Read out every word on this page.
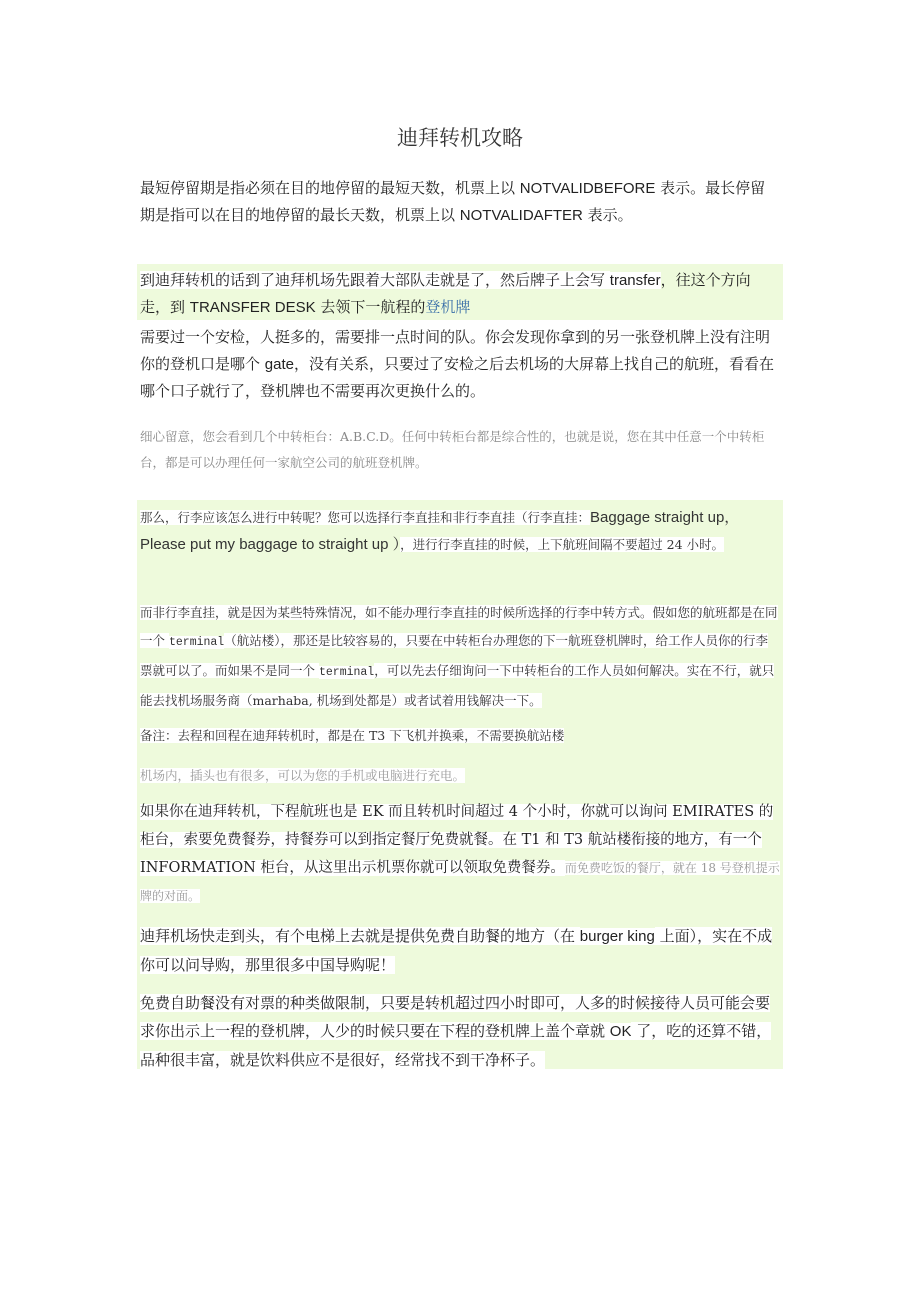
迪拜转机攻略
最短停留期是指必须在目的地停留的最短天数，机票上以 NOTVALIDBEFORE 表示。最长停留期是指可以在目的地停留的最长天数，机票上以 NOTVALIDAFTER 表示。
到迪拜转机的话到了迪拜机场先跟着大部队走就是了，然后牌子上会写 transfer，往这个方向走，到 TRANSFER DESK 去领下一航程的登机牌
需要过一个安检，人挺多的，需要排一点时间的队。你会发现你拿到的另一张登机牌上没有注明你的登机口是哪个 gate，没有关系，只要过了安检之后去机场的大屏幕上找自己的航班，看看在哪个口子就行了，登机牌也不需要再次更换什么的。
细心留意，您会看到几个中转柜台：A.B.C.D。任何中转柜台都是综合性的，也就是说，您在其中任意一个中转柜台，都是可以办理任何一家航空公司的航班登机牌。
那么，行李应该怎么进行中转呢？您可以选择行李直挂和非行李直挂（行李直挂：Baggage straight up，Please put my baggage to straight up ），进行行李直挂的时候，上下航班间隔不要超过 24 小时。
而非行李直挂，就是因为某些特殊情况，如不能办理行李直挂的时候所选择的行李中转方式。假如您的航班都是在同一个 terminal（航站楼），那还是比较容易的，只要在中转柜台办理您的下一航班登机牌时，给工作人员你的行李票就可以了。而如果不是同一个 terminal，可以先去仔细询问一下中转柜台的工作人员如何解决。实在不行，就只能去找机场服务商（marhaba, 机场到处都是）或者试着用钱解决一下。
备注：去程和回程在迪拜转机时，都是在 T3 下飞机并换乘，不需要换航站楼
机场内，插头也有很多，可以为您的手机或电脑进行充电。
如果你在迪拜转机，下程航班也是 EK 而且转机时间超过 4 个小时，你就可以询问 EMIRATES 的柜台，索要免费餐券，持餐券可以到指定餐厅免费就餐。在 T1 和 T3 航站楼衔接的地方，有一个 INFORMATION 柜台，从这里出示机票你就可以领取免费餐券。而免费吃饭的餐厅，就在 18 号登机提示牌的对面。
迪拜机场快走到头，有个电梯上去就是提供免费自助餐的地方（在 burger king 上面），实在不成你可以问导购，那里很多中国导购呢！
免费自助餐没有对票的种类做限制，只要是转机超过四小时即可，人多的时候接待人员可能会要求你出示上一程的登机牌，人少的时候只要在下程的登机牌上盖个章就 OK 了，吃的还算不错，品种很丰富，就是饮料供应不是很好，经常找不到干净杯子。
